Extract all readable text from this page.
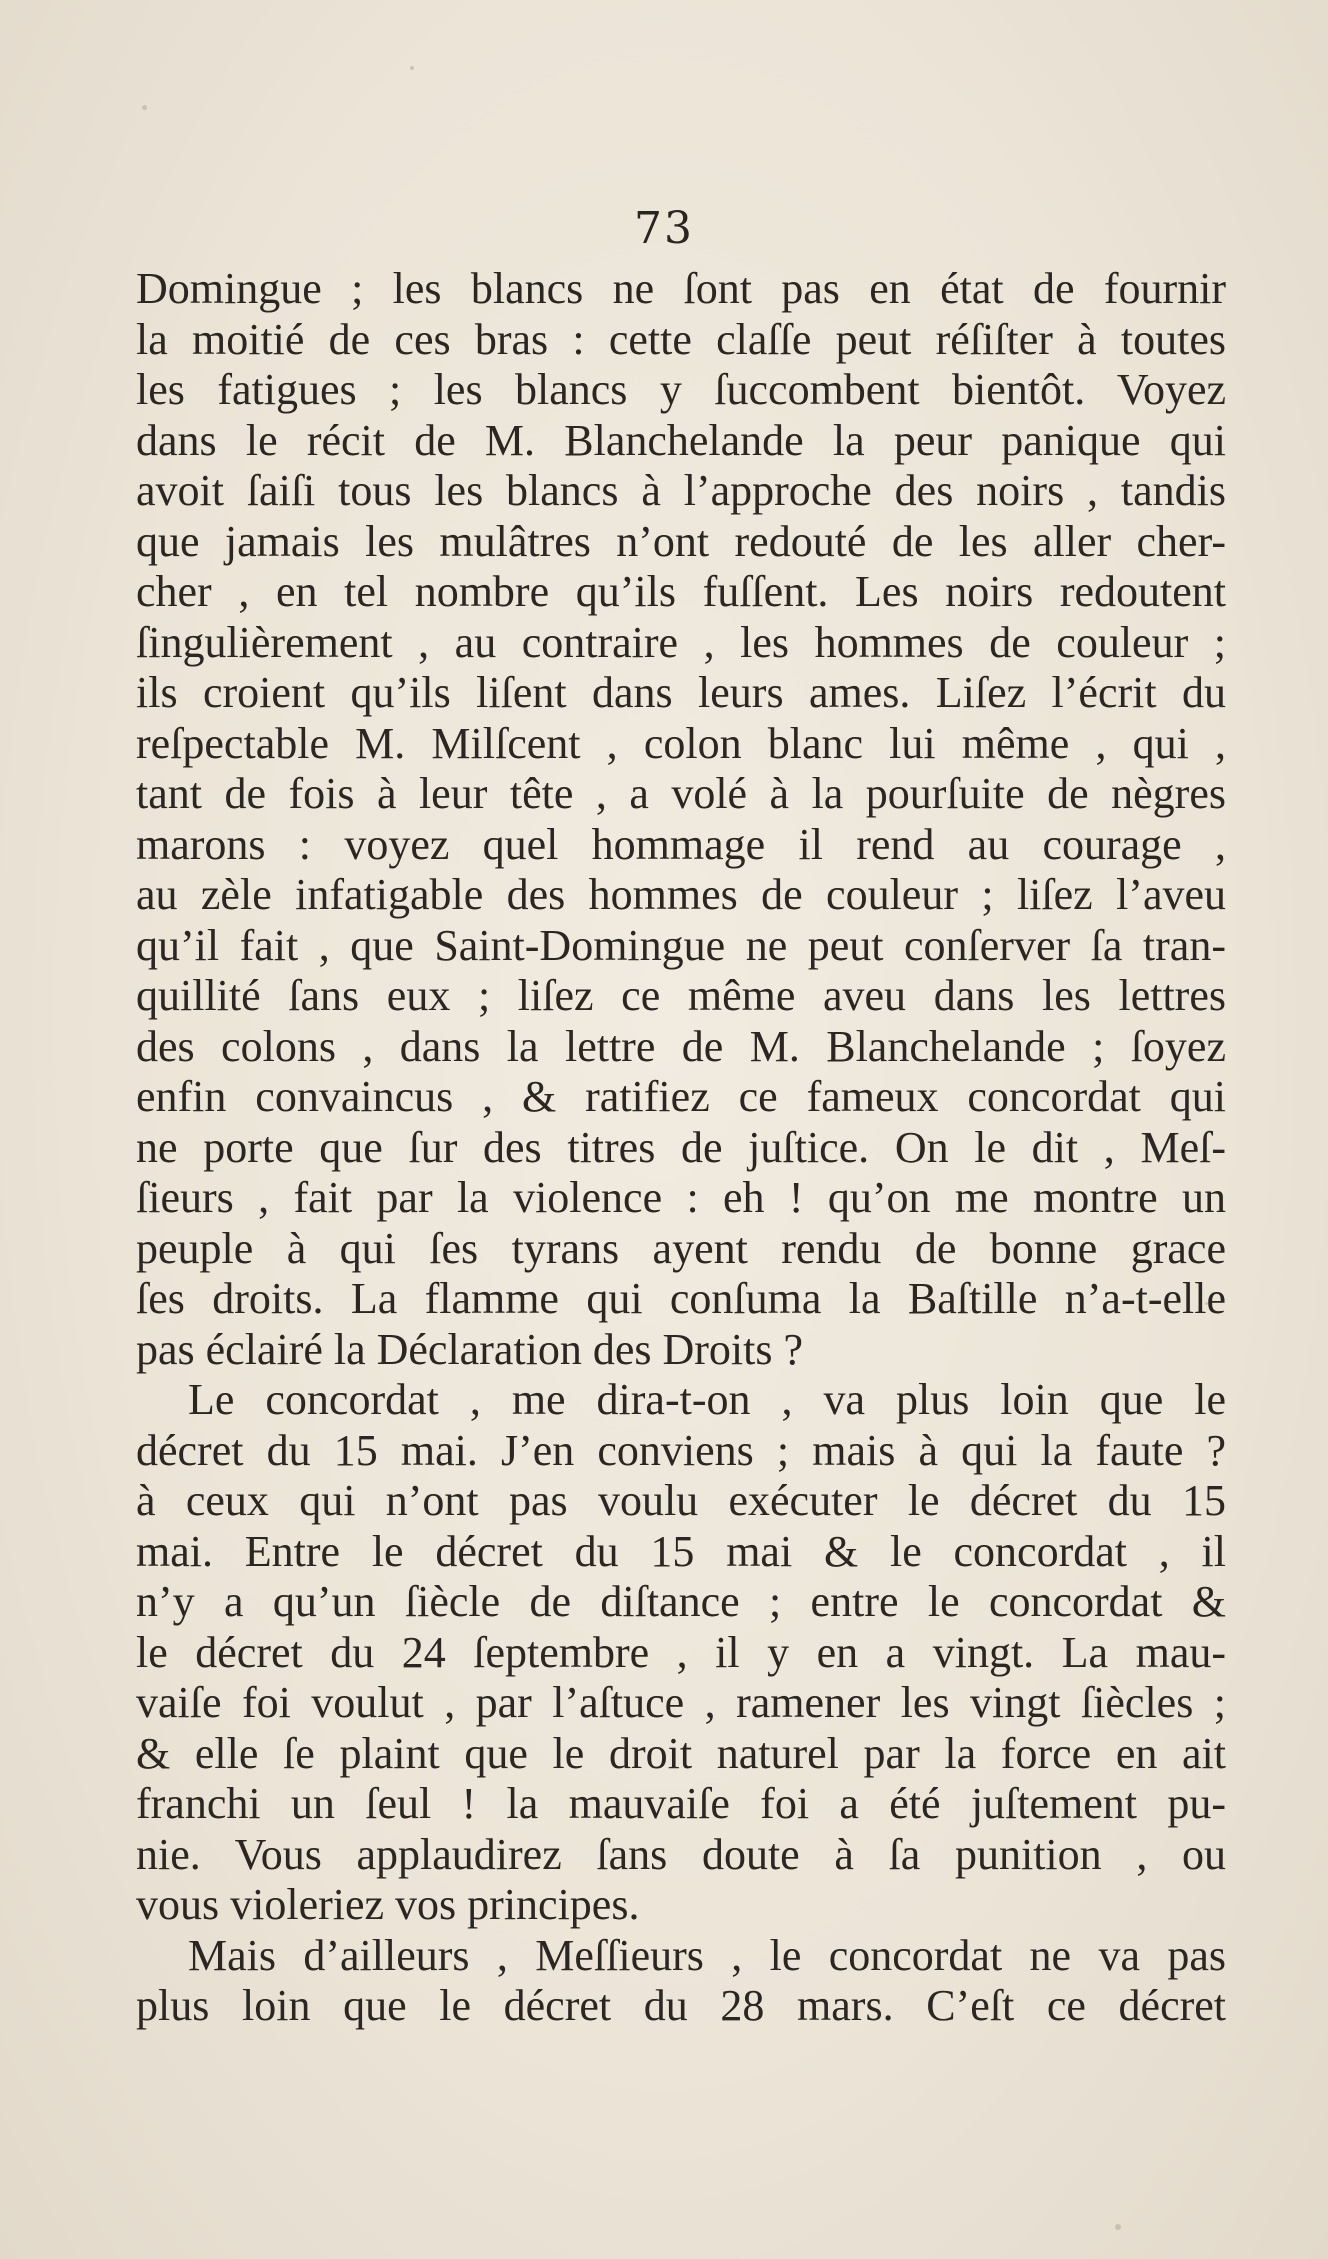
73
Domingue ; les blancs ne ſont pas en état de fournir
la moitié de ces bras : cette claſſe peut réſiſter à toutes
les fatigues ; les blancs y ſuccombent bientôt. Voyez
dans le récit de M. Blanchelande la peur panique qui
avoit ſaiſi tous les blancs à l’approche des noirs , tandis
que jamais les mulâtres n’ont redouté de les aller cher-
cher , en tel nombre qu’ils fuſſent. Les noirs redoutent
ſingulièrement , au contraire , les hommes de couleur ;
ils croient qu’ils liſent dans leurs ames. Liſez l’écrit du
reſpectable M. Milſcent , colon blanc lui même , qui ,
tant de fois à leur tête , a volé à la pourſuite de nègres
marons : voyez quel hommage il rend au courage ,
au zèle infatigable des hommes de couleur ; liſez l’aveu
qu’il fait , que Saint-Domingue ne peut conſerver ſa tran-
quillité ſans eux ; liſez ce même aveu dans les lettres
des colons , dans la lettre de M. Blanchelande ; ſoyez
enfin convaincus , & ratifiez ce fameux concordat qui
ne porte que ſur des titres de juſtice. On le dit , Meſ-
ſieurs , fait par la violence : eh ! qu’on me montre un
peuple à qui ſes tyrans ayent rendu de bonne grace
ſes droits. La flamme qui conſuma la Baſtille n’a-t-elle
pas éclairé la Déclaration des Droits ?
Le concordat , me dira-t-on , va plus loin que le
décret du 15 mai. J’en conviens ; mais à qui la faute ?
à ceux qui n’ont pas voulu exécuter le décret du 15
mai. Entre le décret du 15 mai & le concordat , il
n’y a qu’un ſiècle de diſtance ; entre le concordat &
le décret du 24 ſeptembre , il y en a vingt. La mau-
vaiſe foi voulut , par l’aſtuce , ramener les vingt ſiècles ;
& elle ſe plaint que le droit naturel par la force en ait
franchi un ſeul ! la mauvaiſe foi a été juſtement pu-
nie. Vous applaudirez ſans doute à ſa punition , ou
vous violeriez vos principes.
Mais d’ailleurs , Meſſieurs , le concordat ne va pas
plus loin que le décret du 28 mars. C’eſt ce décret
